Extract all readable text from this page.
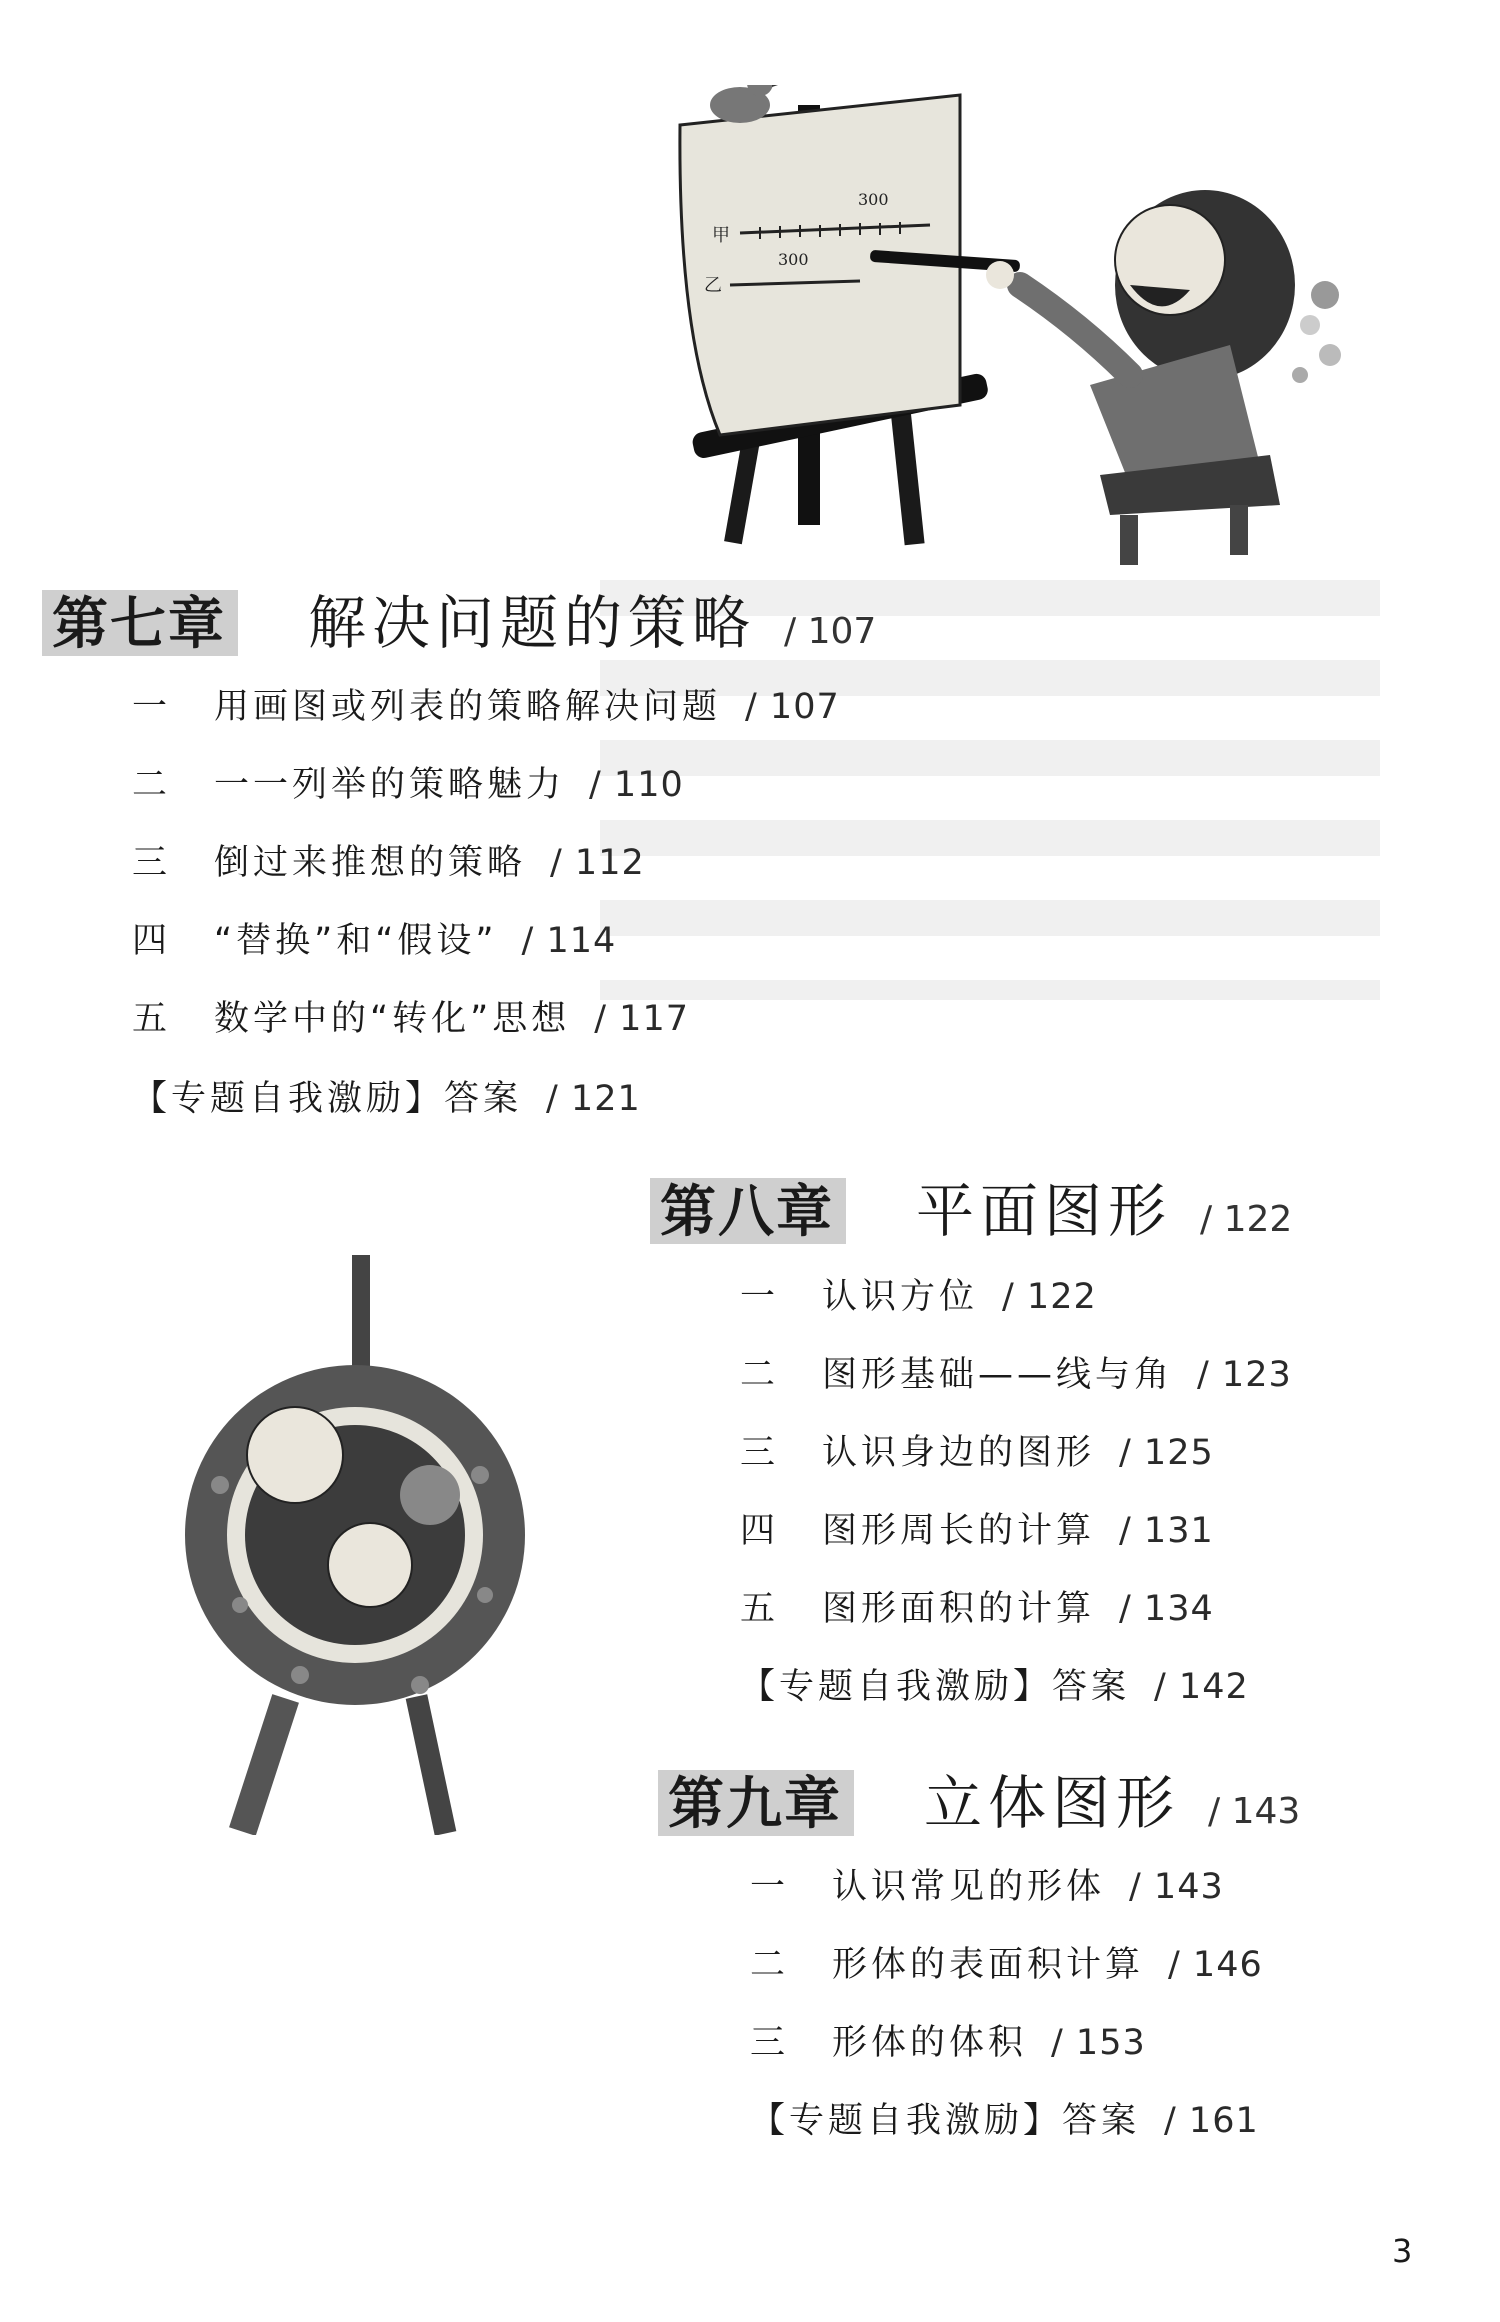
甲
乙
300
300
第七章 解决问题的策略 / 107
一 用画图或列表的策略解决问题 / 107
二 一一列举的策略魅力 / 110
三 倒过来推想的策略 / 112
四 “替换”和“假设” / 114
五 数学中的“转化”思想 / 117
【专题自我激励】答案 / 121
第八章 平面图形 / 122
一 认识方位 / 122
二 图形基础——线与角 / 123
三 认识身边的图形 / 125
四 图形周长的计算 / 131
五 图形面积的计算 / 134
【专题自我激励】答案 / 142
第九章 立体图形 / 143
一 认识常见的形体 / 143
二 形体的表面积计算 / 146
三 形体的体积 / 153
【专题自我激励】答案 / 161
3
